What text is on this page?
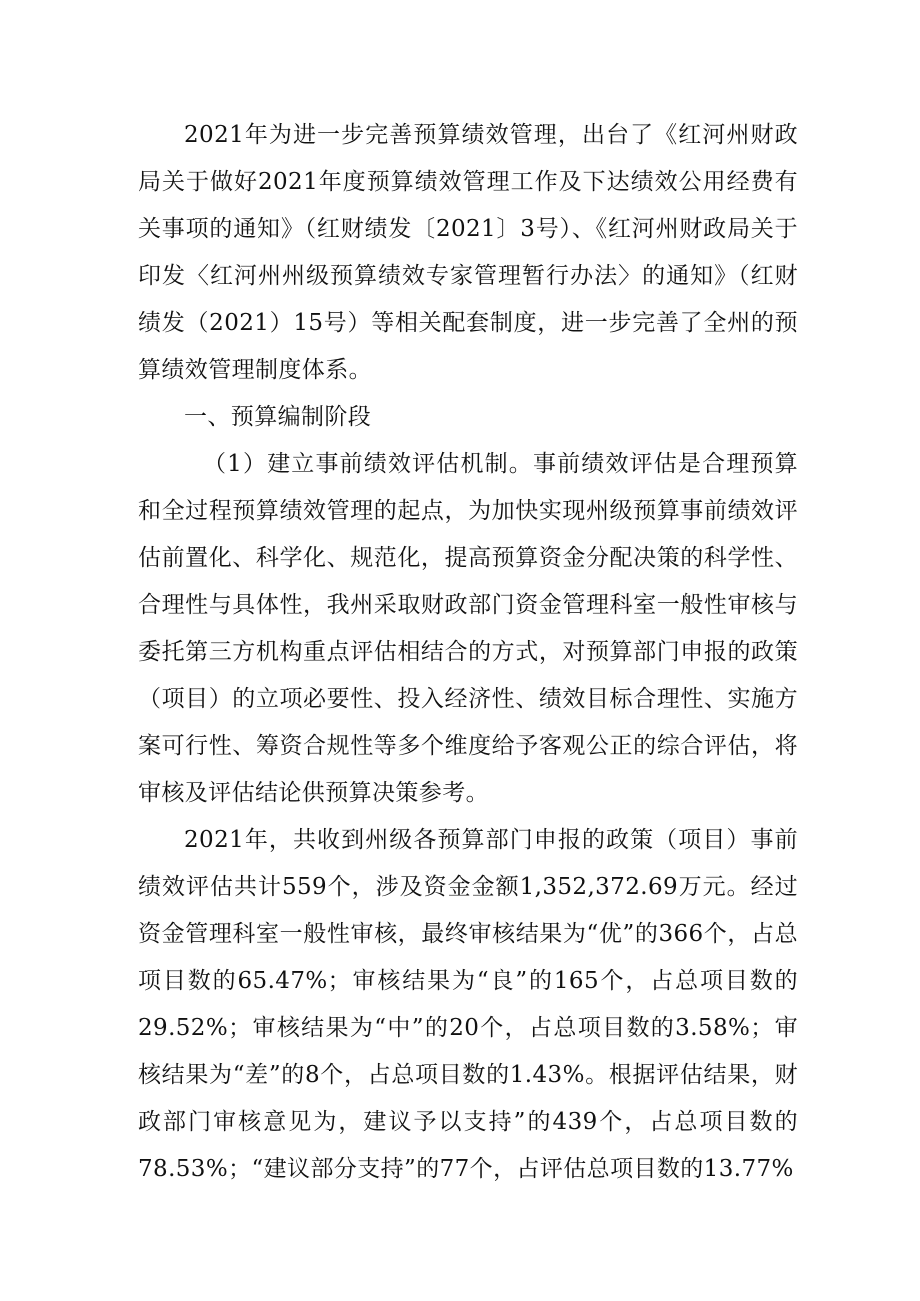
2021年为进一步完善预算绩效管理，出台了《红河州财政局关于做好2021年度预算绩效管理工作及下达绩效公用经费有关事项的通知》（红财绩发〔2021〕3号）、《红河州财政局关于印发〈红河州州级预算绩效专家管理暂行办法〉的通知》（红财绩发（2021）15号）等相关配套制度，进一步完善了全州的预算绩效管理制度体系。

一、预算编制阶段

（1）建立事前绩效评估机制。事前绩效评估是合理预算和全过程预算绩效管理的起点，为加快实现州级预算事前绩效评估前置化、科学化、规范化，提高预算资金分配决策的科学性、合理性与具体性，我州采取财政部门资金管理科室一般性审核与委托第三方机构重点评估相结合的方式，对预算部门申报的政策（项目）的立项必要性、投入经济性、绩效目标合理性、实施方案可行性、筹资合规性等多个维度给予客观公正的综合评估，将审核及评估结论供预算决策参考。

2021年，共收到州级各预算部门申报的政策（项目）事前绩效评估共计559个，涉及资金金额1,352,372.69万元。经过资金管理科室一般性审核，最终审核结果为“优”的366个，占总项目数的65.47%；审核结果为“良”的165个，占总项目数的29.52%；审核结果为“中”的20个，占总项目数的3.58%；审核结果为“差”的8个，占总项目数的1.43%。根据评估结果，财政部门审核意见为，建议予以支持”的439个，占总项目数的78.53%；“建议部分支持”的77个，占评估总项目数的13.77%
